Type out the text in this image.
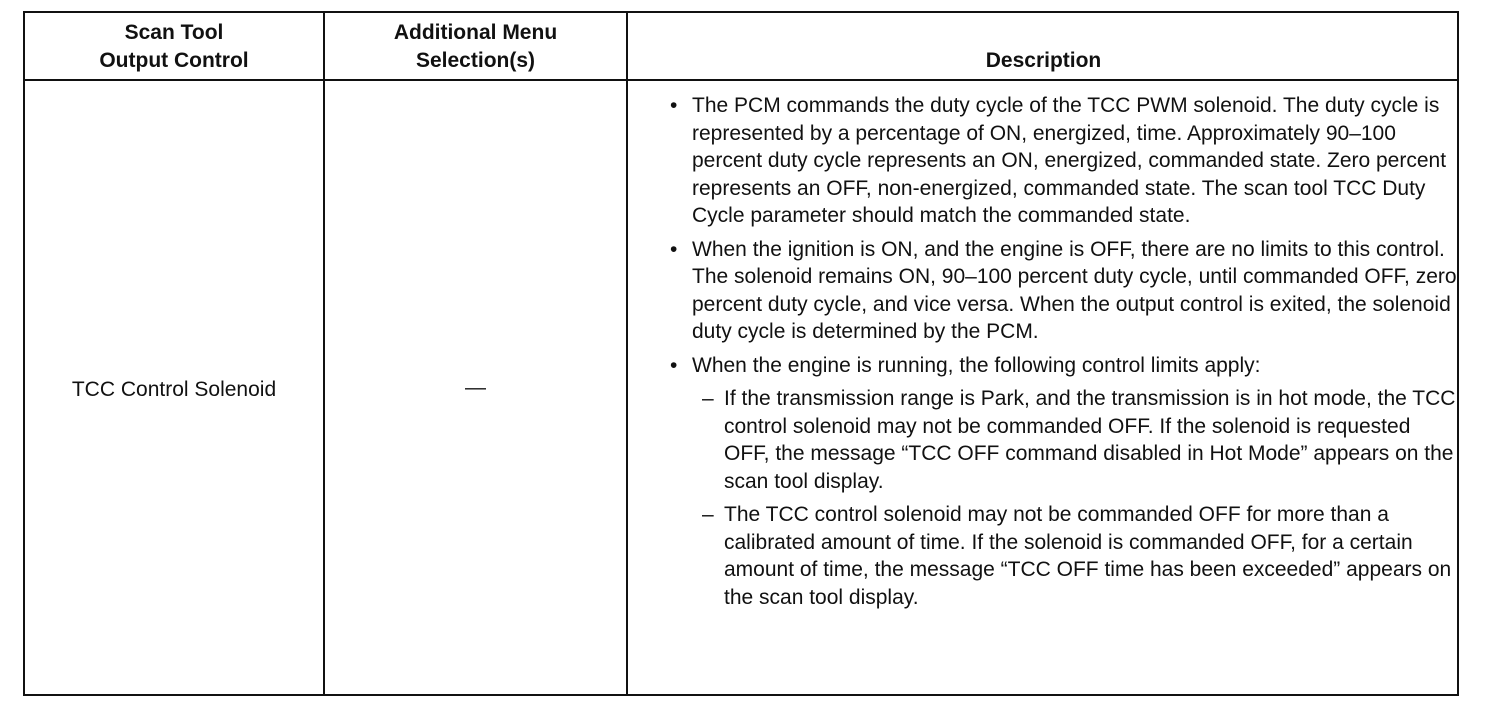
Scan Tool
Output Control
Additional Menu
Selection(s)	Description
TCC Control Solenoid	—
• The PCM commands the duty cycle of the TCC PWM solenoid. The duty cycle is represented by a percentage of ON, energized, time. Approximately 90–100 percent duty cycle represents an ON, energized, commanded state. Zero percent represents an OFF, non-energized, commanded state. The scan tool TCC Duty Cycle parameter should match the commanded state.
• When the ignition is ON, and the engine is OFF, there are no limits to this control. The solenoid remains ON, 90–100 percent duty cycle, until commanded OFF, zero percent duty cycle, and vice versa. When the output control is exited, the solenoid duty cycle is determined by the PCM.
• When the engine is running, the following control limits apply:
– If the transmission range is Park, and the transmission is in hot mode, the TCC control solenoid may not be commanded OFF. If the solenoid is requested OFF, the message “TCC OFF command disabled in Hot Mode” appears on the scan tool display.
– The TCC control solenoid may not be commanded OFF for more than a calibrated amount of time. If the solenoid is commanded OFF, for a certain amount of time, the message “TCC OFF time has been exceeded” appears on the scan tool display.
